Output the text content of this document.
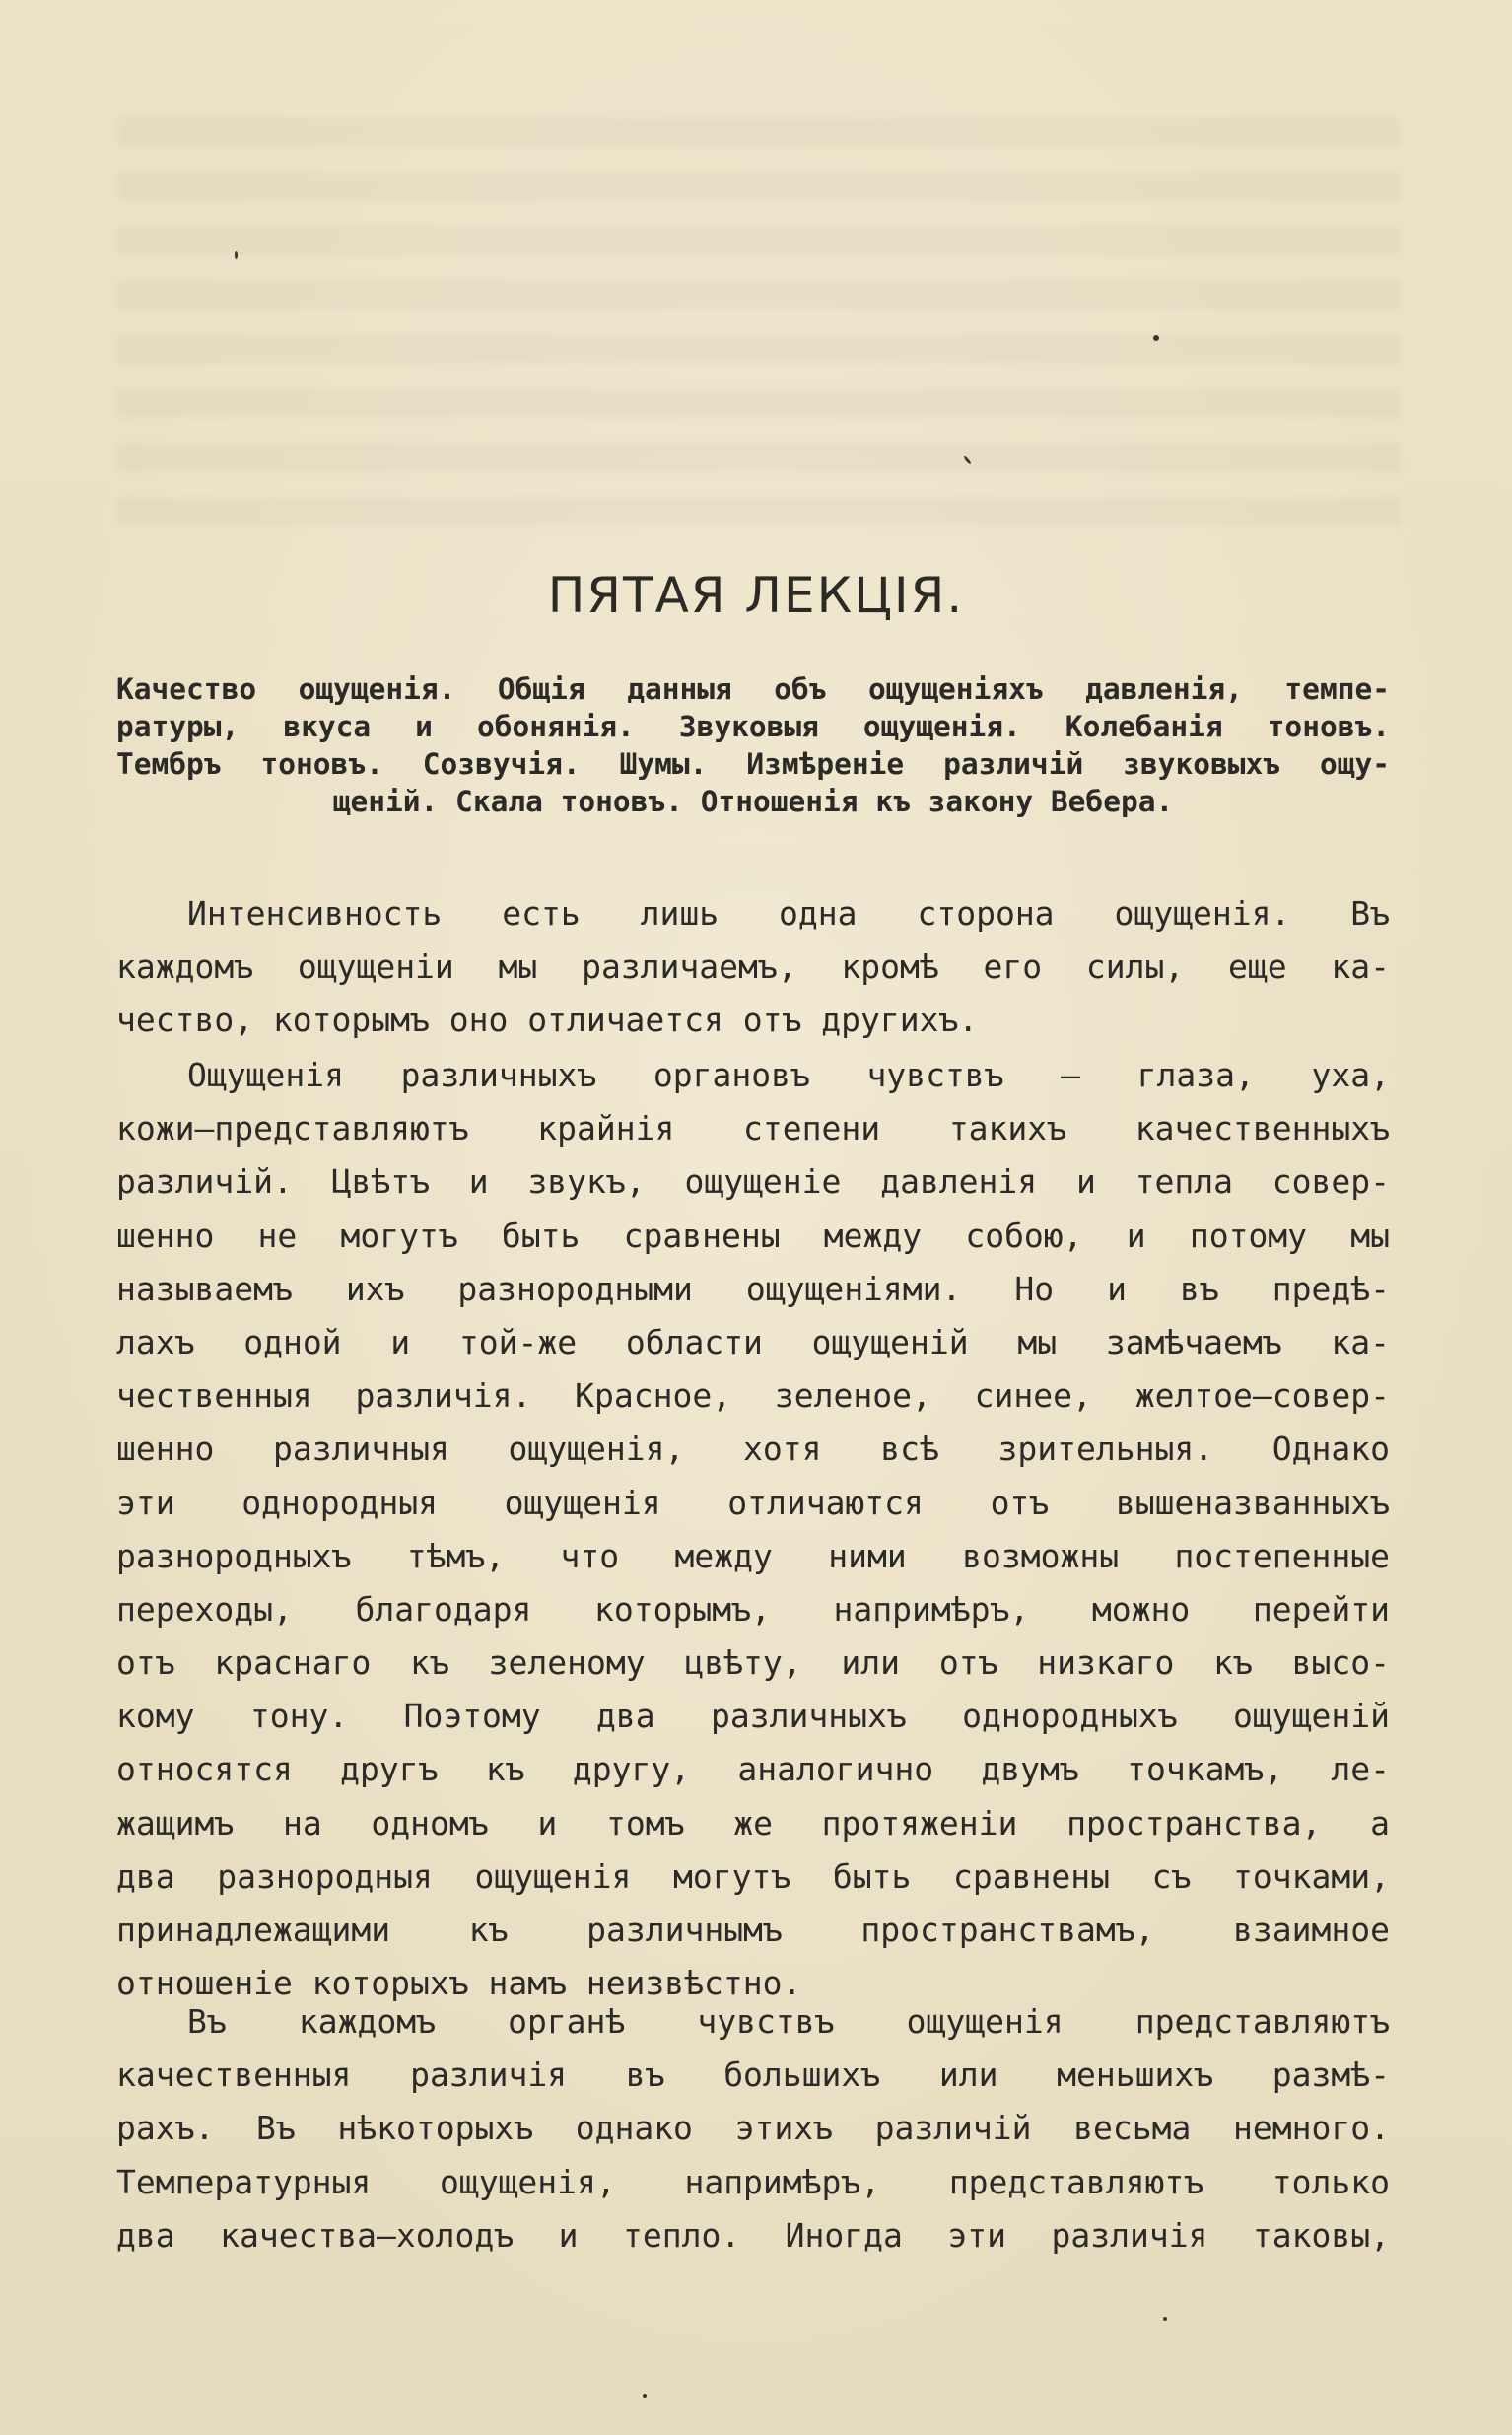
ПЯТАЯ ЛЕКЦІЯ.
Качество ощущенія. Общія данныя объ ощущеніяхъ давленія, темпе-
ратуры, вкуса и обонянія. Звуковыя ощущенія. Колебанія тоновъ.
Тембръ тоновъ. Созвучія. Шумы. Измѣреніе различій звуковыхъ ощу-
щеній. Скала тоновъ. Отношенія къ закону Вебера.
Интенсивность есть лишь одна сторона ощущенія. Въ
каждомъ ощущеніи мы различаемъ, кромѣ его силы, еще ка-
чество, которымъ оно отличается отъ другихъ.
Ощущенія различныхъ органовъ чувствъ — глаза, уха,
кожи—представляютъ крайнія степени такихъ качественныхъ
различій. Цвѣтъ и звукъ, ощущеніе давленія и тепла совер-
шенно не могутъ быть сравнены между собою, и потому мы
называемъ ихъ разнородными ощущеніями. Но и въ предѣ-
лахъ одной и той-же области ощущеній мы замѣчаемъ ка-
чественныя различія. Красное, зеленое, синее, желтое—совер-
шенно различныя ощущенія, хотя всѣ зрительныя. Однако
эти однородныя ощущенія отличаются отъ вышеназванныхъ
разнородныхъ тѣмъ, что между ними возможны постепенные
переходы, благодаря которымъ, напримѣръ, можно перейти
отъ краснаго къ зеленому цвѣту, или отъ низкаго къ высо-
кому тону. Поэтому два различныхъ однородныхъ ощущеній
относятся другъ къ другу, аналогично двумъ точкамъ, ле-
жащимъ на одномъ и томъ же протяженіи пространства, а
два разнородныя ощущенія могутъ быть сравнены съ точками,
принадлежащими къ различнымъ пространствамъ, взаимное
отношеніе которыхъ намъ неизвѣстно.
Въ каждомъ органѣ чувствъ ощущенія представляютъ
качественныя различія въ большихъ или меньшихъ размѣ-
рахъ. Въ нѣкоторыхъ однако этихъ различій весьма немного.
Температурныя ощущенія, напримѣръ, представляютъ только
два качества—холодъ и тепло. Иногда эти различія таковы,
